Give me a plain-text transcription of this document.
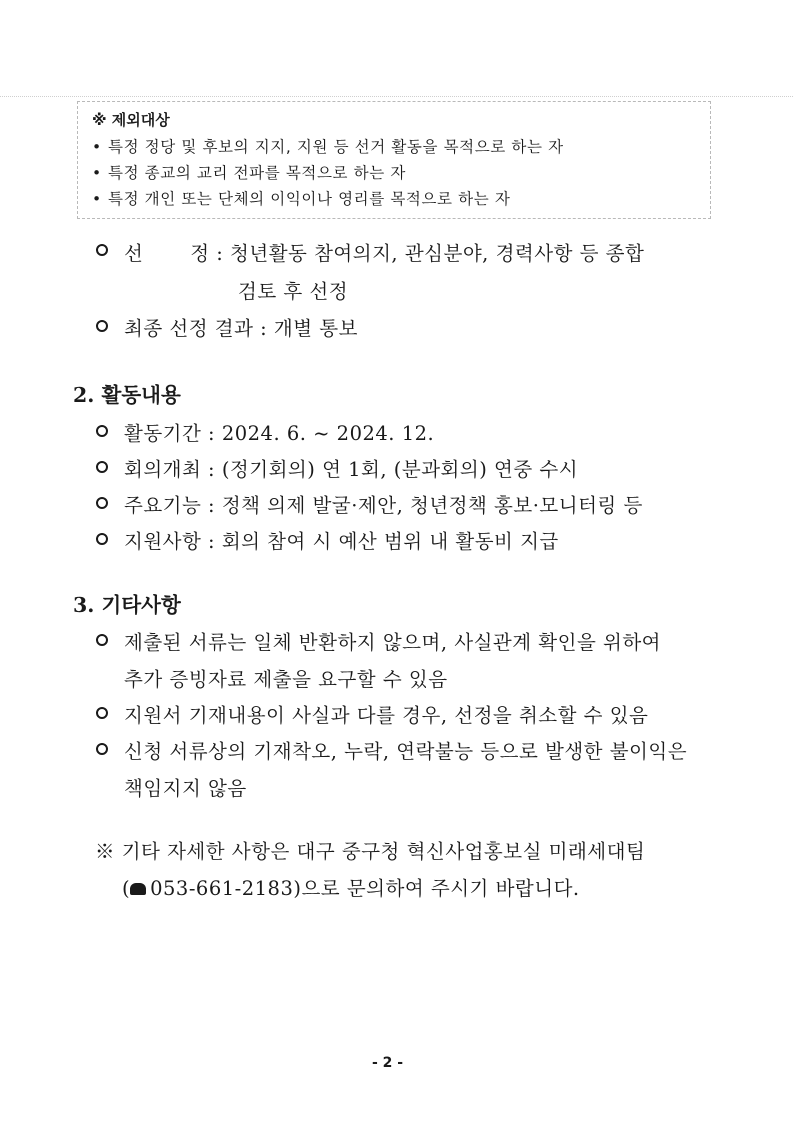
※ 제외대상
• 특정 정당 및 후보의 지지, 지원 등 선거 활동을 목적으로 하는 자
• 특정 종교의 교리 전파를 목적으로 하는 자
• 특정 개인 또는 단체의 이익이나 영리를 목적으로 하는 자
선       정 : 청년활동 참여의지, 관심분야, 경력사항 등 종합
검토 후 선정
최종 선정 결과 : 개별 통보
2. 활동내용
활동기간 : 2024. 6. ~ 2024. 12.
회의개최 : (정기회의) 연 1회, (분과회의) 연중 수시
주요기능 : 정책 의제 발굴·제안, 청년정책 홍보·모니터링 등
지원사항 : 회의 참여 시 예산 범위 내 활동비 지급
3. 기타사항
제출된 서류는 일체 반환하지 않으며, 사실관계 확인을 위하여
추가 증빙자료 제출을 요구할 수 있음
지원서 기재내용이 사실과 다를 경우, 선정을 취소할 수 있음
신청 서류상의 기재착오, 누락, 연락불능 등으로 발생한 불이익은
책임지지 않음
※ 기타 자세한 사항은 대구 중구청 혁신사업홍보실 미래세대팀
( 053-661-2183)으로 문의하여 주시기 바랍니다.
- 2 -
